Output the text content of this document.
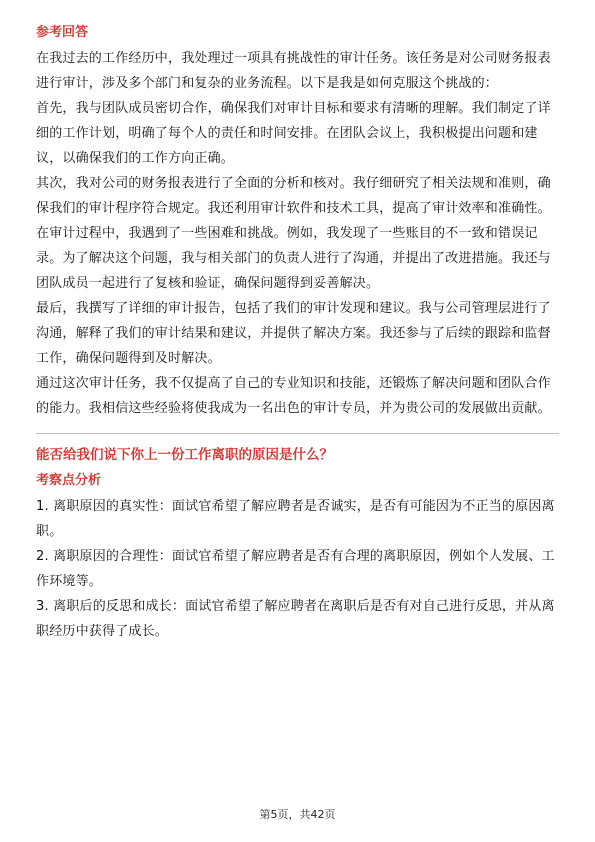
参考回答

在我过去的工作经历中，我处理过一项具有挑战性的审计任务。该任务是对公司财务报表进行审计，涉及多个部门和复杂的业务流程。以下是我是如何克服这个挑战的：

首先，我与团队成员密切合作，确保我们对审计目标和要求有清晰的理解。我们制定了详细的工作计划，明确了每个人的责任和时间安排。在团队会议上，我积极提出问题和建议，以确保我们的工作方向正确。

其次，我对公司的财务报表进行了全面的分析和核对。我仔细研究了相关法规和准则，确保我们的审计程序符合规定。我还利用审计软件和技术工具，提高了审计效率和准确性。

在审计过程中，我遇到了一些困难和挑战。例如，我发现了一些账目的不一致和错误记录。为了解决这个问题，我与相关部门的负责人进行了沟通，并提出了改进措施。我还与团队成员一起进行了复核和验证，确保问题得到妥善解决。

最后，我撰写了详细的审计报告，包括了我们的审计发现和建议。我与公司管理层进行了沟通，解释了我们的审计结果和建议，并提供了解决方案。我还参与了后续的跟踪和监督工作，确保问题得到及时解决。

通过这次审计任务，我不仅提高了自己的专业知识和技能，还锻炼了解决问题和团队合作的能力。我相信这些经验将使我成为一名出色的审计专员，并为贵公司的发展做出贡献。

能否给我们说下你上一份工作离职的原因是什么？
考察点分析

1. 离职原因的真实性：面试官希望了解应聘者是否诚实，是否有可能因为不正当的原因离职。

2. 离职原因的合理性：面试官希望了解应聘者是否有合理的离职原因，例如个人发展、工作环境等。

3. 离职后的反思和成长：面试官希望了解应聘者在离职后是否有对自己进行反思，并从离职经历中获得了成长。

第5页，共42页
